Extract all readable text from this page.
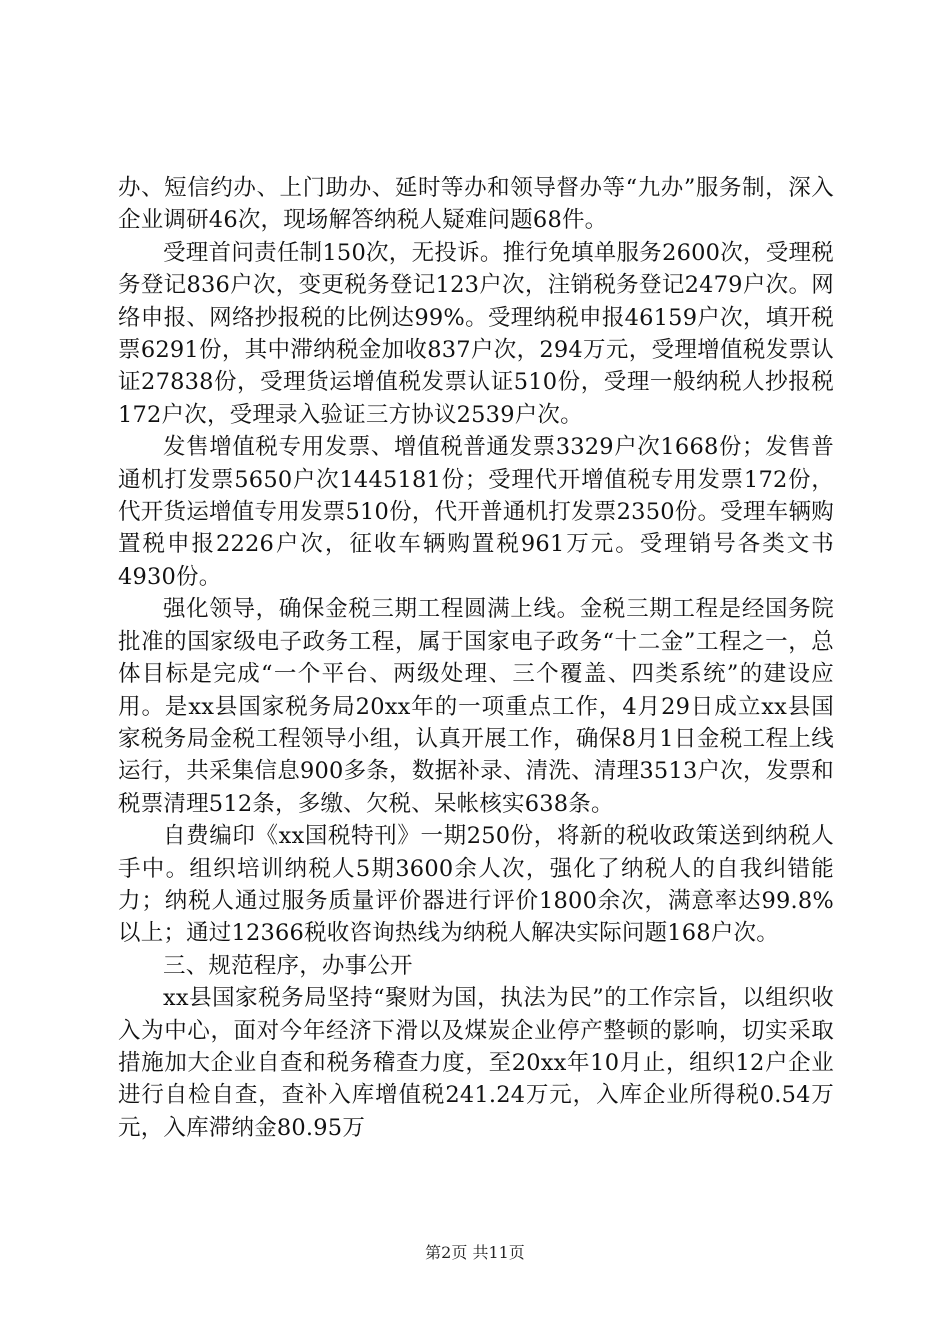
办、短信约办、上门助办、延时等办和领导督办等“九办”服务制，深入企业调研46次，现场解答纳税人疑难问题68件。

受理首问责任制150次，无投诉。推行免填单服务2600次，受理税务登记836户次，变更税务登记123户次，注销税务登记2479户次。网络申报、网络抄报税的比例达99%。受理纳税申报46159户次，填开税票6291份，其中滞纳税金加收837户次，294万元，受理增值税发票认证27838份，受理货运增值税发票认证510份，受理一般纳税人抄报税172户次，受理录入验证三方协议2539户次。

发售增值税专用发票、增值税普通发票3329户次1668份；发售普通机打发票5650户次1445181份；受理代开增值税专用发票172份，代开货运增值专用发票510份，代开普通机打发票2350份。受理车辆购置税申报2226户次，征收车辆购置税961万元。受理销号各类文书4930份。

强化领导，确保金税三期工程圆满上线。金税三期工程是经国务院批准的国家级电子政务工程，属于国家电子政务“十二金”工程之一，总体目标是完成“一个平台、两级处理、三个覆盖、四类系统”的建设应用。是xx县国家税务局20xx年的一项重点工作，4月29日成立xx县国家税务局金税工程领导小组，认真开展工作，确保8月1日金税工程上线运行，共采集信息900多条，数据补录、清洗、清理3513户次，发票和税票清理512条，多缴、欠税、呆帐核实638条。

自费编印《xx国税特刊》一期250份，将新的税收政策送到纳税人手中。组织培训纳税人5期3600余人次，强化了纳税人的自我纠错能力；纳税人通过服务质量评价器进行评价1800余次，满意率达99.8%以上；通过12366税收咨询热线为纳税人解决实际问题168户次。

三、规范程序，办事公开

xx县国家税务局坚持“聚财为国，执法为民”的工作宗旨，以组织收入为中心，面对今年经济下滑以及煤炭企业停产整顿的影响，切实采取措施加大企业自查和税务稽查力度，至20xx年10月止，组织12户企业进行自检自查，查补入库增值税241.24万元，入库企业所得税0.54万元，入库滞纳金80.95万

第2页 共11页
